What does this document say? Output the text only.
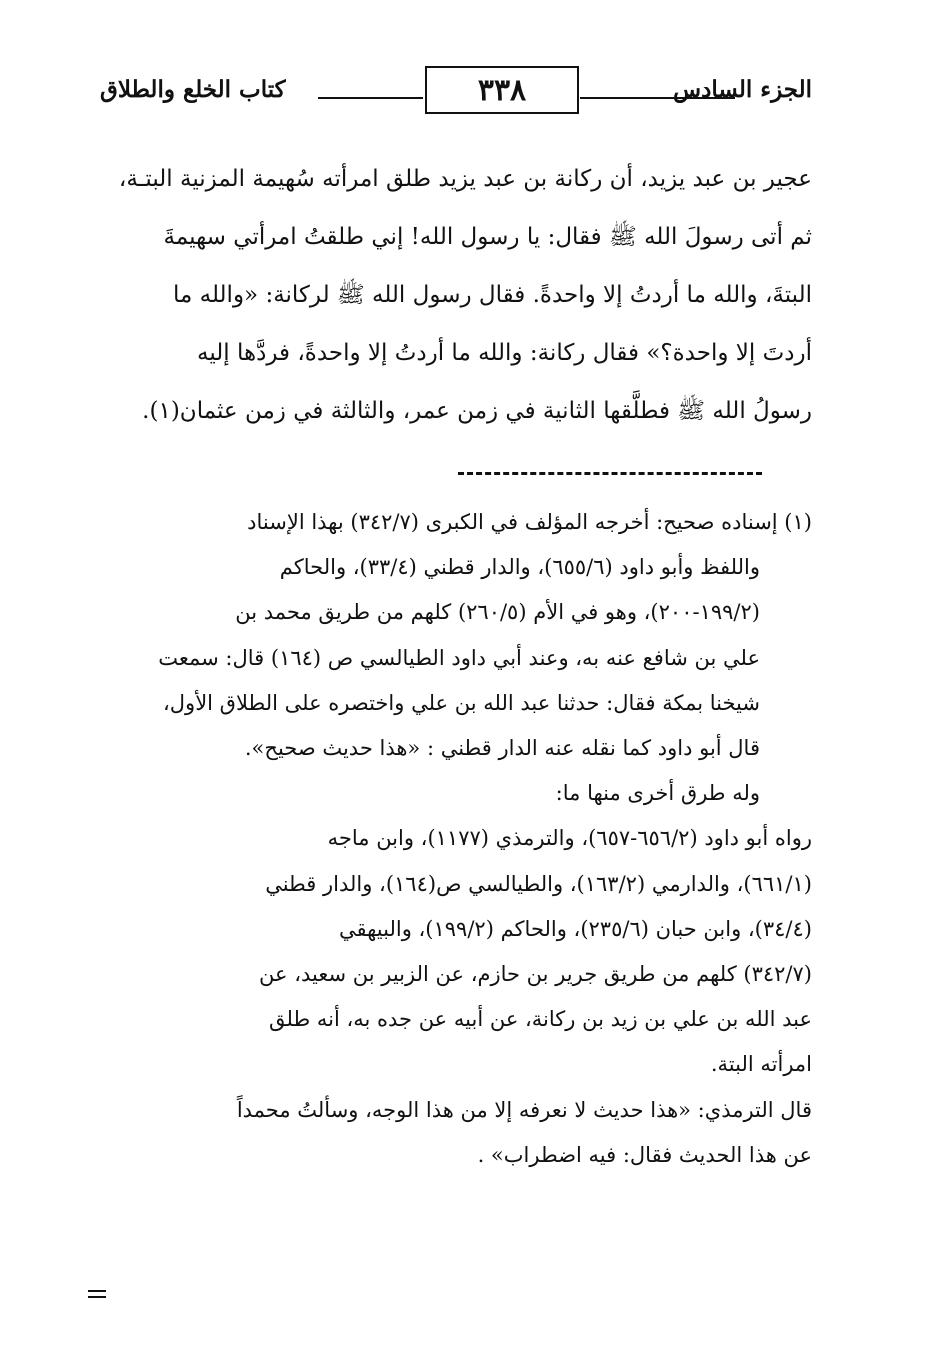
الجزء السادس
٣٣٨
كتاب الخلع والطلاق
عجير بن عبد يزيد، أن ركانة بن عبد يزيد طلق امرأته سُهيمة المزنية البتـة،
ثم أتى رسولَ الله ﷺ فقال: يا رسول الله! إني طلقتُ امرأتي سهيمةَ
البتةَ، والله ما أردتُ إلا واحدةً. فقال رسول الله ﷺ لركانة: «والله ما
أردتَ إلا واحدة؟» فقال ركانة: والله ما أردتُ إلا واحدةً، فردَّها إليه
رسولُ الله ﷺ فطلَّقها الثانية في زمن عمر، والثالثة في زمن عثمان(١).
(١) إسناده صحيح: أخرجه المؤلف في الكبرى (٣٤٢/٧) بهذا الإسناد
واللفظ وأبو داود (٦٥٥/٦)، والدار قطني (٣٣/٤)، والحاكم
(١٩٩/٢-٢٠٠)، وهو في الأم (٢٦٠/٥) كلهم من طريق محمد بن
علي بن شافع عنه به، وعند أبي داود الطيالسي ص (١٦٤) قال: سمعت
شيخنا بمكة فقال: حدثنا عبد الله بن علي واختصره على الطلاق الأول،
قال أبو داود كما نقله عنه الدار قطني : «هذا حديث صحيح».
وله طرق أخرى منها ما:
رواه أبو داود (٦٥٦/٢-٦٥٧)، والترمذي (١١٧٧)، وابن ماجه
(٦٦١/١)، والدارمي (١٦٣/٢)، والطيالسي ص(١٦٤)، والدار قطني
(٣٤/٤)، وابن حبان (٢٣٥/٦)، والحاكم (١٩٩/٢)، والبيهقي
(٣٤٢/٧) كلهم من طريق جرير بن حازم، عن الزبير بن سعيد، عن
عبد الله بن علي بن زيد بن ركانة، عن أبيه عن جده به، أنه طلق
امرأته البتة.
قال الترمذي: «هذا حديث لا نعرفه إلا من هذا الوجه، وسألتُ محمداً
عن هذا الحديث فقال: فيه اضطراب» .
